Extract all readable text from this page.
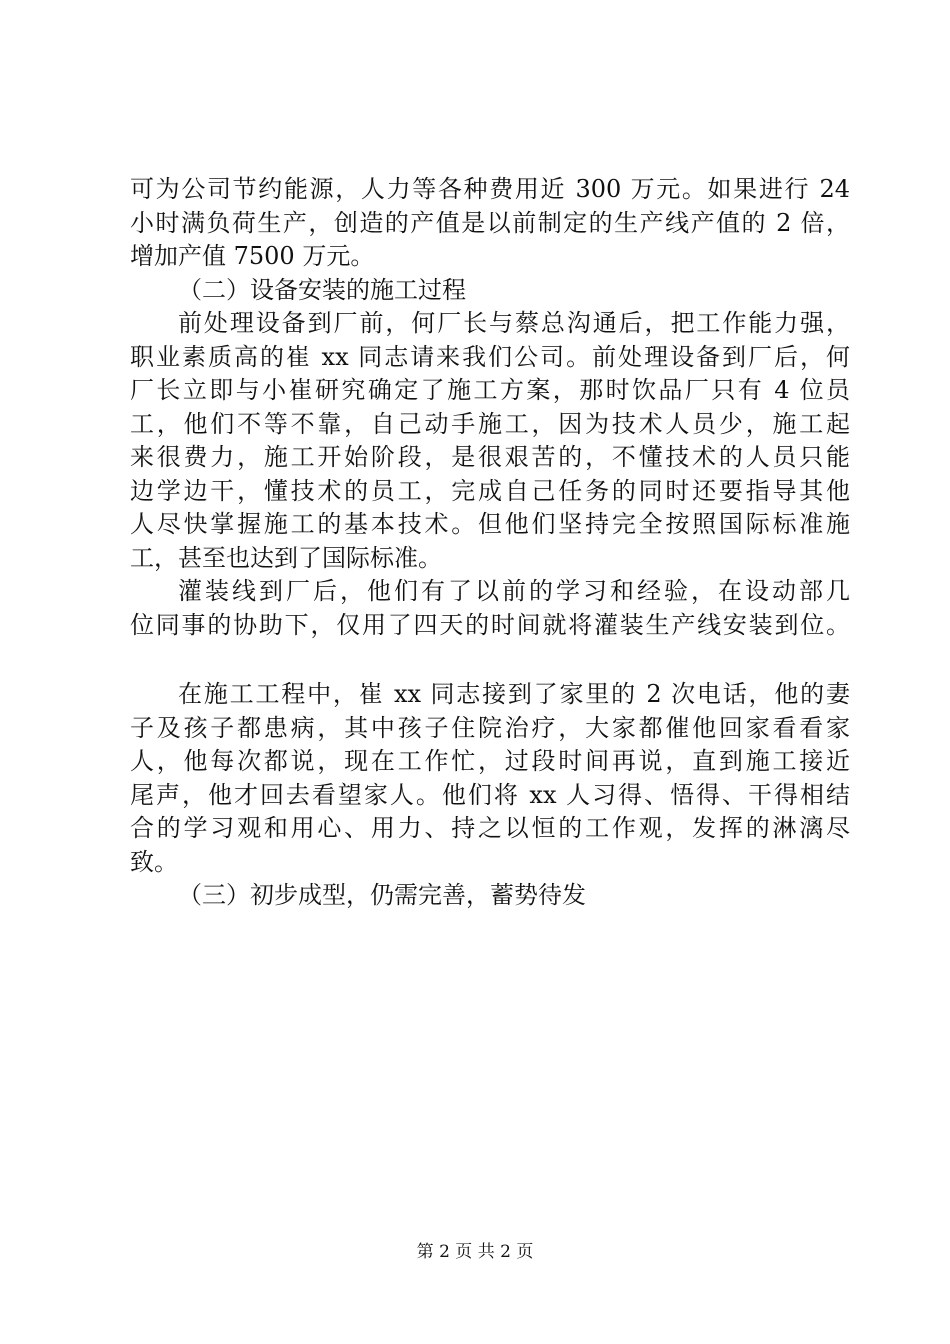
可为公司节约能源，人力等各种费用近 300 万元。如果进行 24
小时满负荷生产，创造的产值是以前制定的生产线产值的 2 倍，
增加产值 7500 万元。
（二）设备安装的施工过程
前处理设备到厂前，何厂长与蔡总沟通后，把工作能力强，
职业素质高的崔 xx 同志请来我们公司。前处理设备到厂后，何
厂长立即与小崔研究确定了施工方案，那时饮品厂只有 4 位员
工，他们不等不靠，自己动手施工，因为技术人员少，施工起
来很费力，施工开始阶段，是很艰苦的，不懂技术的人员只能
边学边干，懂技术的员工，完成自己任务的同时还要指导其他
人尽快掌握施工的基本技术。但他们坚持完全按照国际标准施
工，甚至也达到了国际标准。
灌装线到厂后，他们有了以前的学习和经验，在设动部几
位同事的协助下，仅用了四天的时间就将灌装生产线安装到位。
在施工工程中，崔 xx 同志接到了家里的 2 次电话，他的妻
子及孩子都患病，其中孩子住院治疗，大家都催他回家看看家
人，他每次都说，现在工作忙，过段时间再说，直到施工接近
尾声，他才回去看望家人。他们将 xx 人习得、悟得、干得相结
合的学习观和用心、用力、持之以恒的工作观，发挥的淋漓尽
致。
（三）初步成型，仍需完善，蓄势待发
第 2 页 共 2 页
